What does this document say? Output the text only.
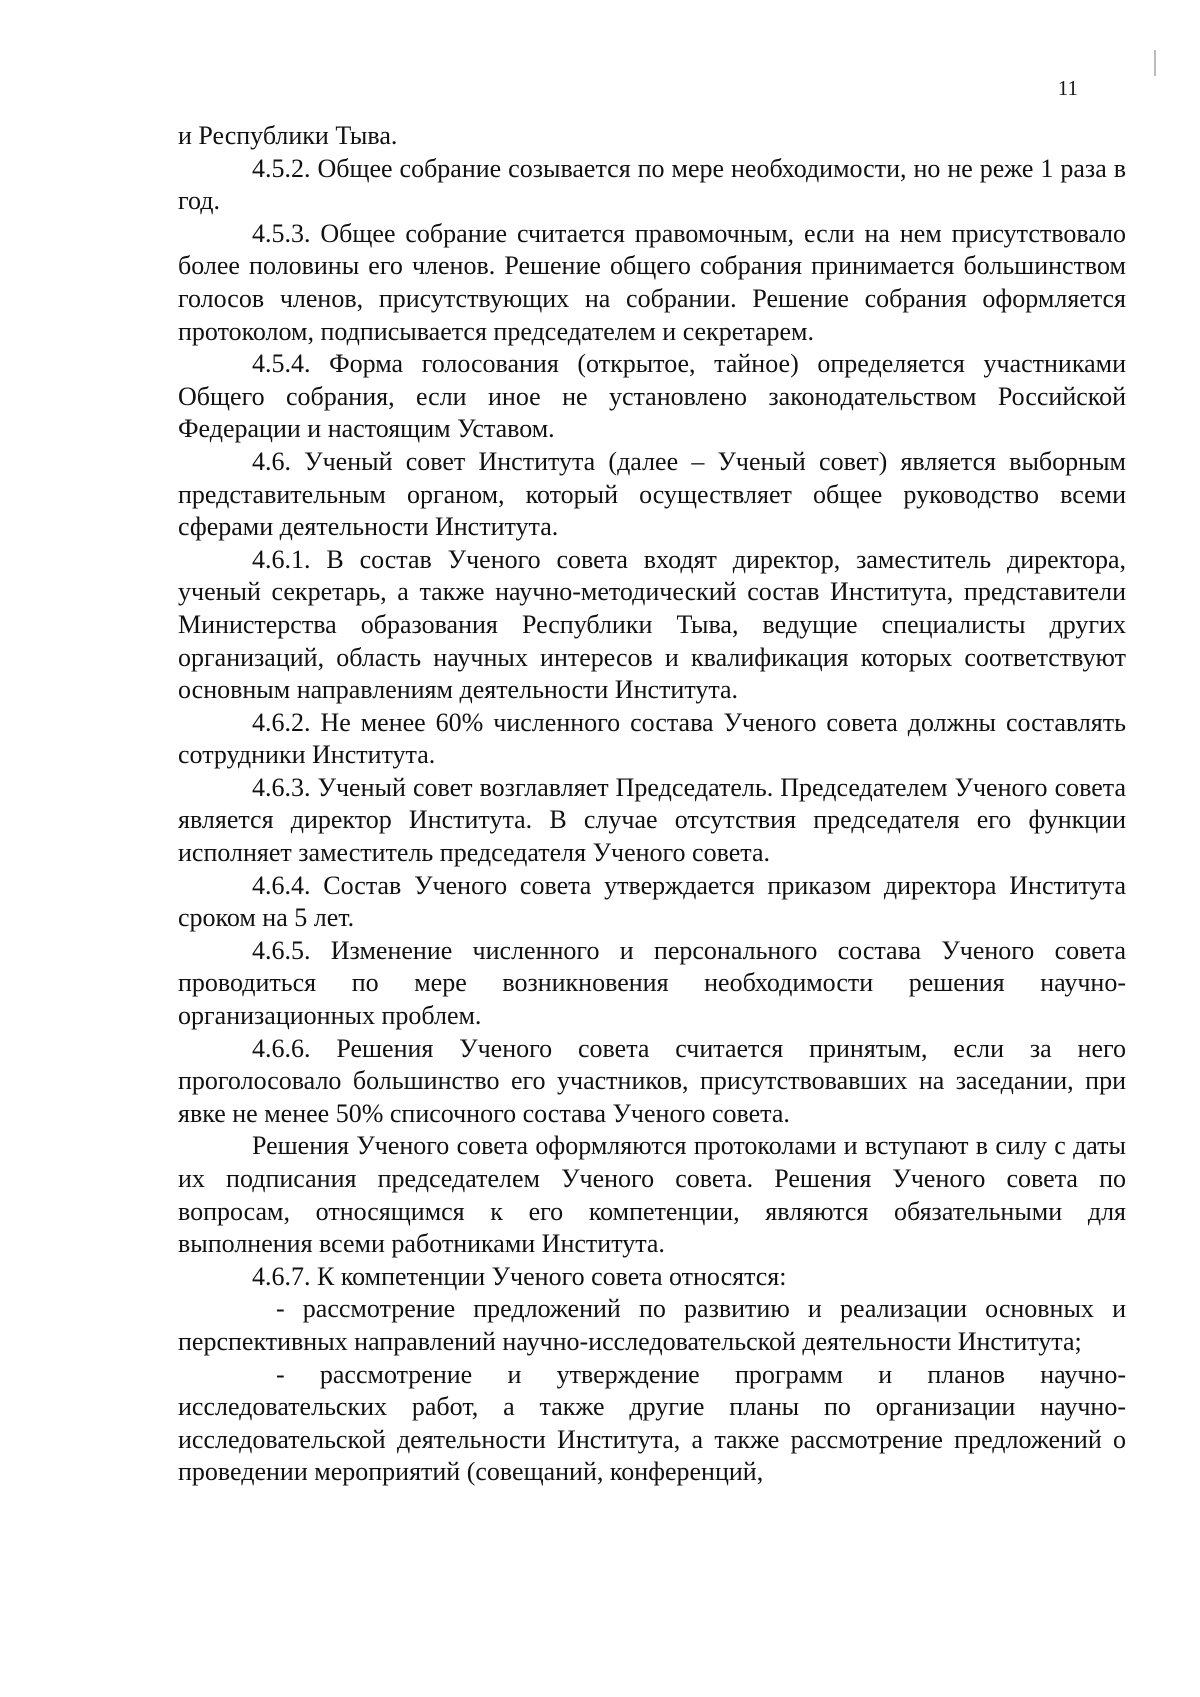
11

и Республики Тыва.

4.5.2. Общее собрание созывается по мере необходимости, но не реже 1 раза в год.

4.5.3. Общее собрание считается правомочным, если на нем присутствовало более половины его членов. Решение общего собрания принимается большинством голосов членов, присутствующих на собрании. Решение собрания оформляется протоколом, подписывается председателем и секретарем.

4.5.4. Форма голосования (открытое, тайное) определяется участниками Общего собрания, если иное не установлено законодательством Российской Федерации и настоящим Уставом.

4.6. Ученый совет Института (далее – Ученый совет) является выборным представительным органом, который осуществляет общее руководство всеми сферами деятельности Института.

4.6.1. В состав Ученого совета входят директор, заместитель директора, ученый секретарь, а также научно-методический состав Института, представители Министерства образования Республики Тыва, ведущие специалисты других организаций, область научных интересов и квалификация которых соответствуют основным направлениям деятельности Института.

4.6.2. Не менее 60% численного состава Ученого совета должны составлять сотрудники Института.

4.6.3. Ученый совет возглавляет Председатель. Председателем Ученого совета является директор Института. В случае отсутствия председателя его функции исполняет заместитель председателя Ученого совета.

4.6.4. Состав Ученого совета утверждается приказом директора Института сроком на 5 лет.

4.6.5. Изменение численного и персонального состава Ученого совета проводиться по мере возникновения необходимости решения научно-организационных проблем.

4.6.6. Решения Ученого совета считается принятым, если за него проголосовало большинство его участников, присутствовавших на заседании, при явке не менее 50% списочного состава Ученого совета.

Решения Ученого совета оформляются протоколами и вступают в силу с даты их подписания председателем Ученого совета. Решения Ученого совета по вопросам, относящимся к его компетенции, являются обязательными для выполнения всеми работниками Института.

4.6.7. К компетенции Ученого совета относятся:

- рассмотрение предложений по развитию и реализации основных и перспективных направлений научно-исследовательской деятельности Института;

- рассмотрение и утверждение программ и планов научно-исследовательских работ, а также другие планы по организации научно-исследовательской деятельности Института, а также рассмотрение предложений о проведении мероприятий (совещаний, конференций,
